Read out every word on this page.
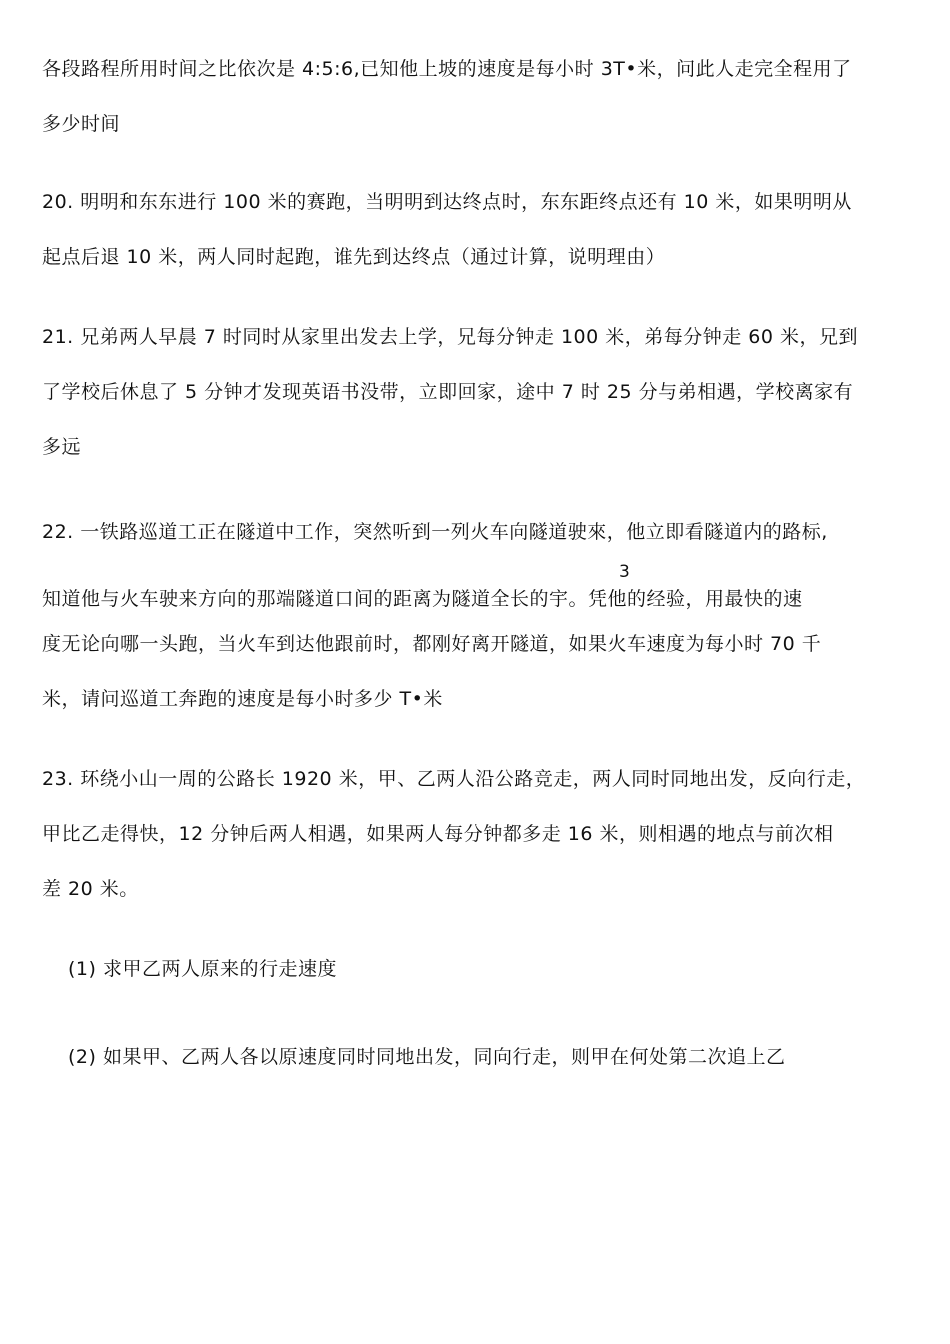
各段路程所用时间之比依次是 4:5:6,已知他上坡的速度是每小时 3T•米，问此人走完全程用了
多少时间
20. 明明和东东进行 100 米的赛跑，当明明到达终点时，东东距终点还有 10 米，如果明明从
起点后退 10 米，两人同时起跑，谁先到达终点（通过计算，说明理由）
21. 兄弟两人早晨 7 时同时从家里出发去上学，兄每分钟走 100 米，弟每分钟走 60 米，兄到
了学校后休息了 5 分钟才发现英语书没带，立即回家，途中 7 时 25 分与弟相遇，学校离家有
多远
22. 一铁路巡道工正在隧道中工作，突然听到一列火车向隧道驶來，他立即看隧道内的路标,
3
知道他与火车驶来方向的那端隧道口间的距离为隧道全长的宇。凭他的经验，用最快的速
度无论向哪一头跑，当火车到达他跟前时，都刚好离开隧道，如果火车速度为每小时 70 千
米，请问巡道工奔跑的速度是每小时多少 T•米
23. 环绕小山一周的公路长 1920 米，甲、乙两人沿公路竞走，两人同时同地出发，反向行走，
甲比乙走得快，12 分钟后两人相遇，如果两人每分钟都多走 16 米，则相遇的地点与前次相
差 20 米。
(1) 求甲乙两人原来的行走速度
(2) 如果甲、乙两人各以原速度同时同地出发，同向行走，则甲在何处第二次追上乙
